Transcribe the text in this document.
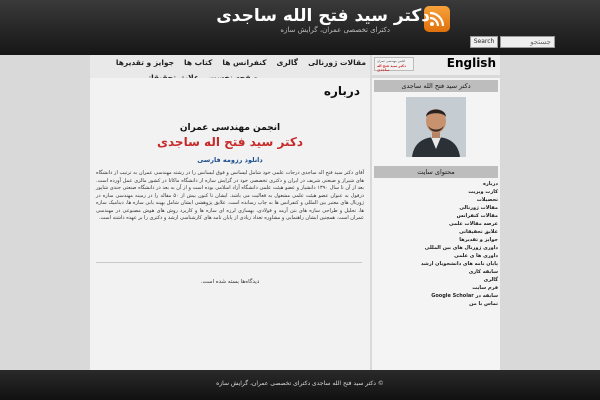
دکتر سید فتح الله ساجدی
دکترای تخصصی عمران، گرایش سازه
Search
جستجو
مقالات ژورنالی
گالری
کنفرانس ها
کتاب ها
جوایز و تقدیرها	انجمن مهندسی عمران
دکتر سید فتح اله ساجدی	English
درباره
انجمن مهندسی عمران
دکتر سید فتح اله ساجدی
دانلود رزومه فارسی
آقای دکتر سید فتح اله ساجدی درجات علمی خود شامل لیسانس و فوق لیسانس را در رشته مهندسی عمران به ترتیب از دانشگاه های شیراز و صنعتی شریف در ایران و دکتری تخصصی خود در گرایش سازه از دانشگاه ماکاتا در کشور مالزی عمل آورده است. بعد از آن تا سال ۱۳۹۰ دانشیار و عضو هیئت علمی دانشگاه آزاد اسلامی بوده است و از آن به بعد در دانشگاه صنعتی جندی شاپور دزفول به عنوان عضو هیئت علمی مشغول به فعالیت می باشد. ایشان تا کنون بیش از ۵۰ مقاله را در زمینه مهندسی سازه در ژورنال های معتبر بین المللی و کنفرانس ها به چاپ رسانده است. علایق پژوهشی ایشان شامل بهینه یابی سازه ها، دینامیک سازه ها، تحلیل و طراحی سازه های بتن آرمه و فولادی، بهسازی لرزه ای سازه ها و کاربرد روش های هوش مصنوعی در مهندسی عمران است. همچنین ایشان راهنمایی و مشاوره تعداد زیادی از پایان نامه های کارشناسی ارشد و دکتری را بر عهده داشته است.
دیدگاه‌ها بسته شده است.
دکتر سید فتح الله ساجدی
محتوای سایت
درباره
کارت ویزیت
تحصیلات
مقالات ژورنالی
مقالات کنفرانس
عرصه مقالات علمی
علایق تحقیقاتی
جوایز و تقدیرها
داوری ژورنال های بین المللی
داوری ها ی علمی
پایان نامه های دانشجویان ارشد
سابقه کاری
گالری
فرم سایت
سابقه در Google Scholar
تماس با من
© دکتر سید فتح الله ساجدی دکترای تخصصی عمران، گرایش سازه
